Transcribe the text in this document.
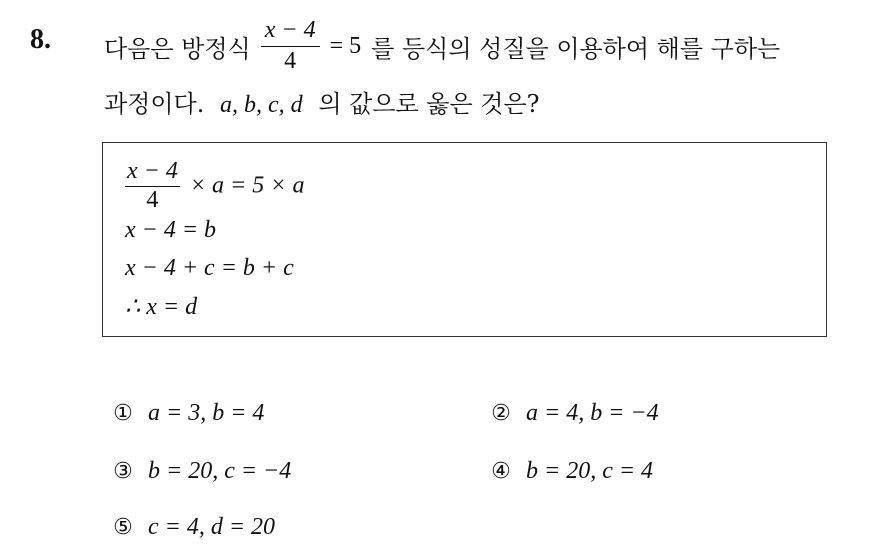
8. 다음은 방정식 $\frac{x - 4}{4} = 5$ 를 등식의 성질을 이용하여 해를 구하는
과정이다. a, b, c, d 의 값으로 옳은 것은?
$\frac{x - 4}{4} \times a = 5 \times a$
x − 4 = b
x − 4 + c = b + c
∴ x = d
① a = 3, b = 4	② a = 4, b = −4
③ b = 20, c = −4	④ b = 20, c = 4
⑤ c = 4, d = 20
